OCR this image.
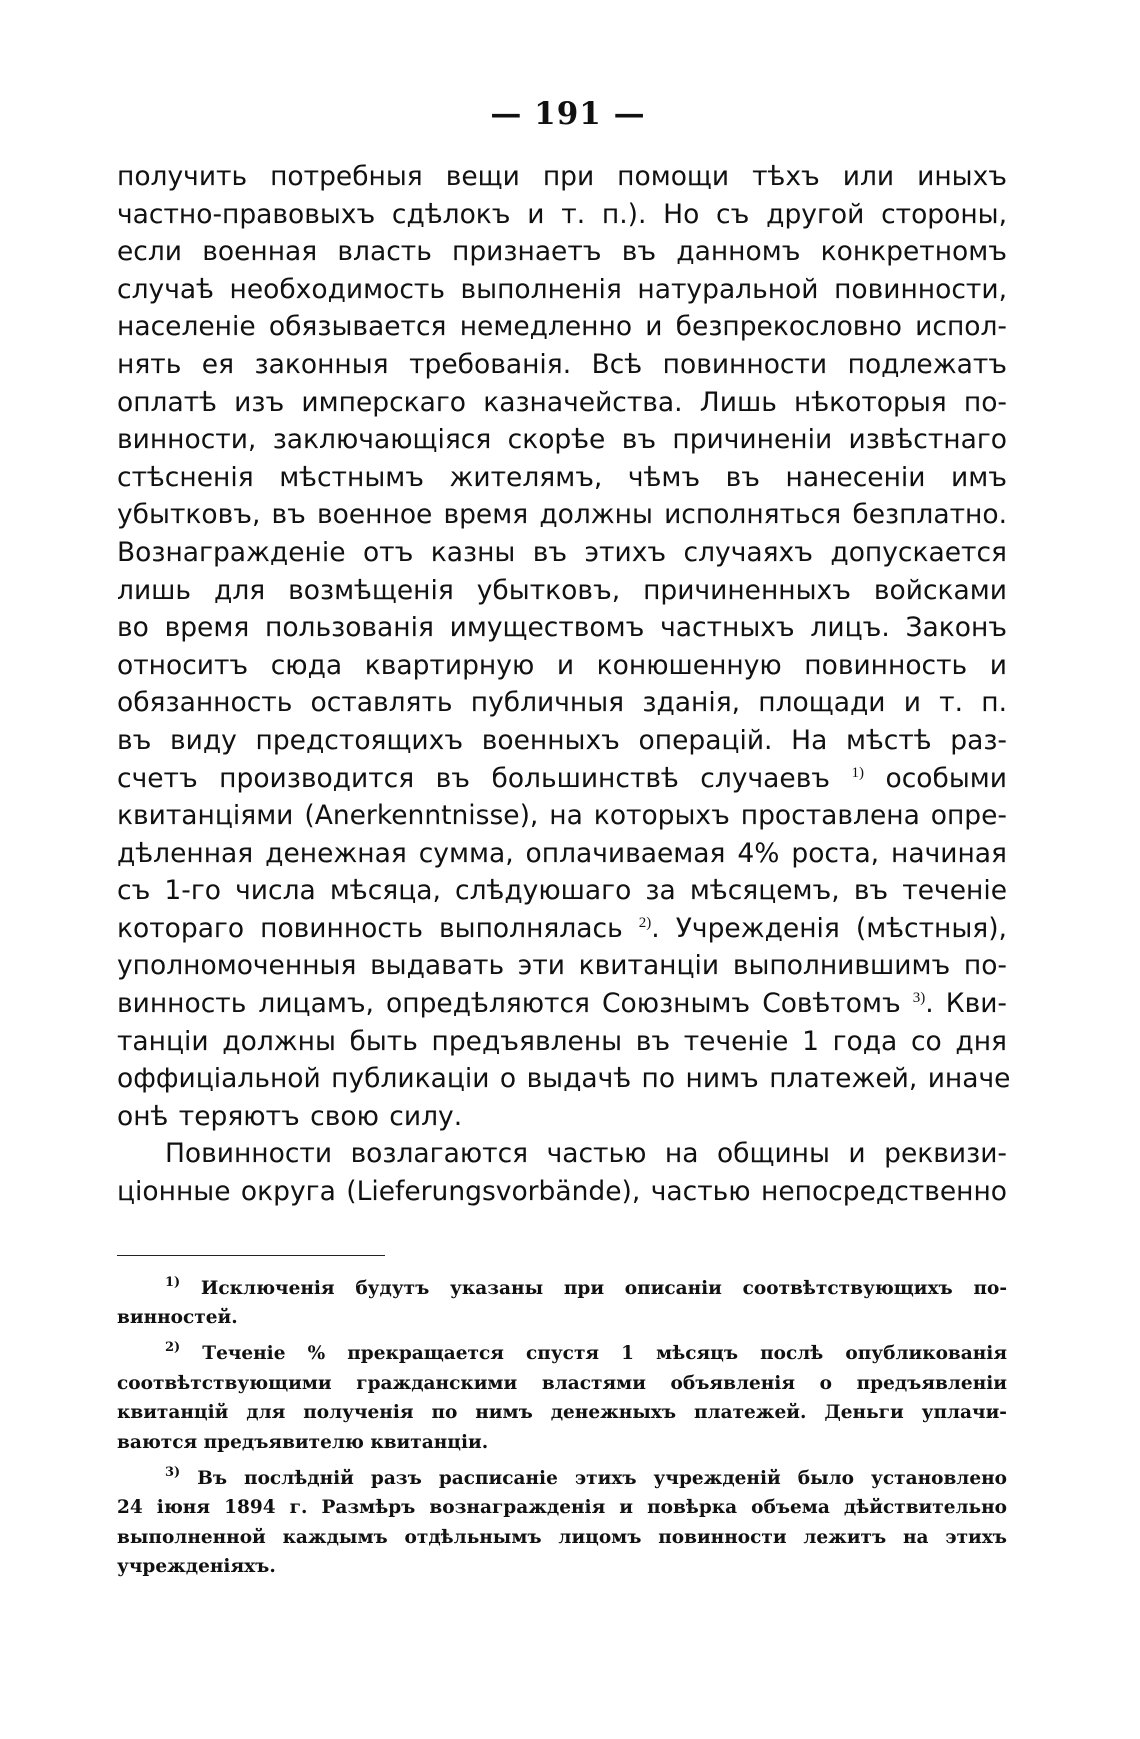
— 191 —
получить потребныя вещи при помощи тѣхъ или иныхъ
частно-правовыхъ сдѣлокъ и т. п.). Но съ другой стороны,
если военная власть признаетъ въ данномъ конкретномъ
случаѣ необходимость выполненія натуральной повинности,
населеніе обязывается немедленно и безпрекословно испол-
нять ея законныя требованія. Всѣ повинности подлежатъ
оплатѣ изъ имперскаго казначейства. Лишь нѣкоторыя по-
винности, заключающіяся скорѣе въ причиненіи извѣстнаго
стѣсненія мѣстнымъ жителямъ, чѣмъ въ нанесеніи имъ
убытковъ, въ военное время должны исполняться безплатно.
Вознагражденіе отъ казны въ этихъ случаяхъ допускается
лишь для возмѣщенія убытковъ, причиненныхъ войсками
во время пользованія имуществомъ частныхъ лицъ. Законъ
относитъ сюда квартирную и конюшенную повинность и
обязанность оставлять публичныя зданія, площади и т. п.
въ виду предстоящихъ военныхъ операцій. На мѣстѣ раз-
счетъ производится въ большинствѣ случаевъ $^{1)}$ особыми
квитанціями (Anerkenntnisse), на которыхъ проставлена опре-
дѣленная денежная сумма, оплачиваемая 4% роста, начиная
съ 1-го числа мѣсяца, слѣдуюшаго за мѣсяцемъ, въ теченіе
котораго повинность выполнялась $^{2)}$. Учрежденія (мѣстныя),
уполномоченныя выдавать эти квитанціи выполнившимъ по-
винность лицамъ, опредѣляются Союзнымъ Совѣтомъ $^{3)}$. Кви-
танціи должны быть предъявлены въ теченіе 1 года со дня
оффиціальной публикаціи о выдачѣ по нимъ платежей, иначе
онѣ теряютъ свою силу.
Повинности возлагаются частью на общины и реквизи-
ціонные округа (Lieferungsvorbände), частью непосредственно
$^{1)}$ Исключенія будутъ указаны при описаніи соотвѣтствующихъ по-
винностей.
$^{2)}$ Теченіе % прекращается спустя 1 мѣсяцъ послѣ опубликованія
соотвѣтствующими гражданскими властями объявленія о предъявленіи
квитанцій для полученія по нимъ денежныхъ платежей. Деньги уплачи-
ваются предъявителю квитанціи.
$^{3)}$ Въ послѣдній разъ расписаніе этихъ учрежденій было установлено
24 іюня 1894 г. Размѣръ вознагражденія и повѣрка объема дѣйствительно
выполненной каждымъ отдѣльнымъ лицомъ повинности лежитъ на этихъ
учрежденіяхъ.
